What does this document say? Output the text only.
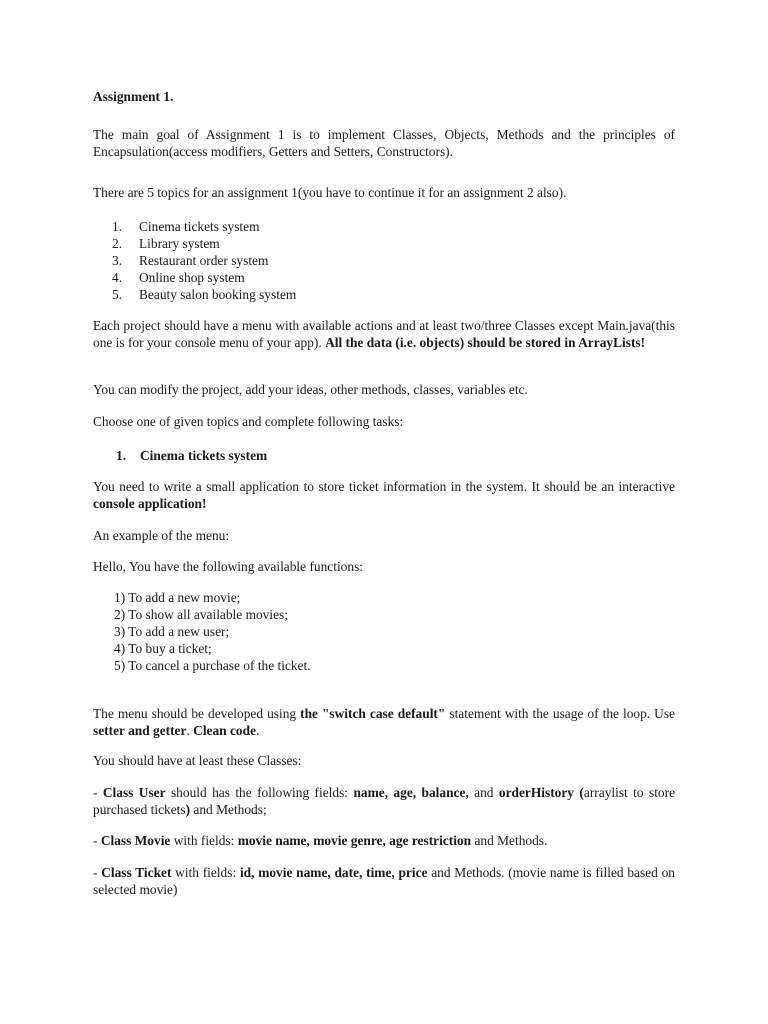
Assignment 1.

The main goal of Assignment 1 is to implement Classes, Objects, Methods and the principles of Encapsulation(access modifiers, Getters and Setters, Constructors).

There are 5 topics for an assignment 1(you have to continue it for an assignment 2 also).

1. Cinema tickets system
2. Library system
3. Restaurant order system
4. Online shop system
5. Beauty salon booking system

Each project should have a menu with available actions and at least two/three Classes except Main.java(this one is for your console menu of your app). All the data (i.e. objects) should be stored in ArrayLists!

You can modify the project, add your ideas, other methods, classes, variables etc.

Choose one of given topics and complete following tasks:

1. Cinema tickets system

You need to write a small application to store ticket information in the system. It should be an interactive console application!

An example of the menu:

Hello, You have the following available functions:

1) To add a new movie;
2) To show all available movies;
3) To add a new user;
4) To buy a ticket;
5) To cancel a purchase of the ticket.

The menu should be developed using the "switch case default" statement with the usage of the loop. Use setter and getter. Clean code.

You should have at least these Classes:

- Class User should has the following fields: name, age, balance, and orderHistory (arraylist to store purchased tickets) and Methods;

- Class Movie with fields: movie name, movie genre, age restriction and Methods.

- Class Ticket with fields: id, movie name, date, time, price and Methods. (movie name is filled based on selected movie)
